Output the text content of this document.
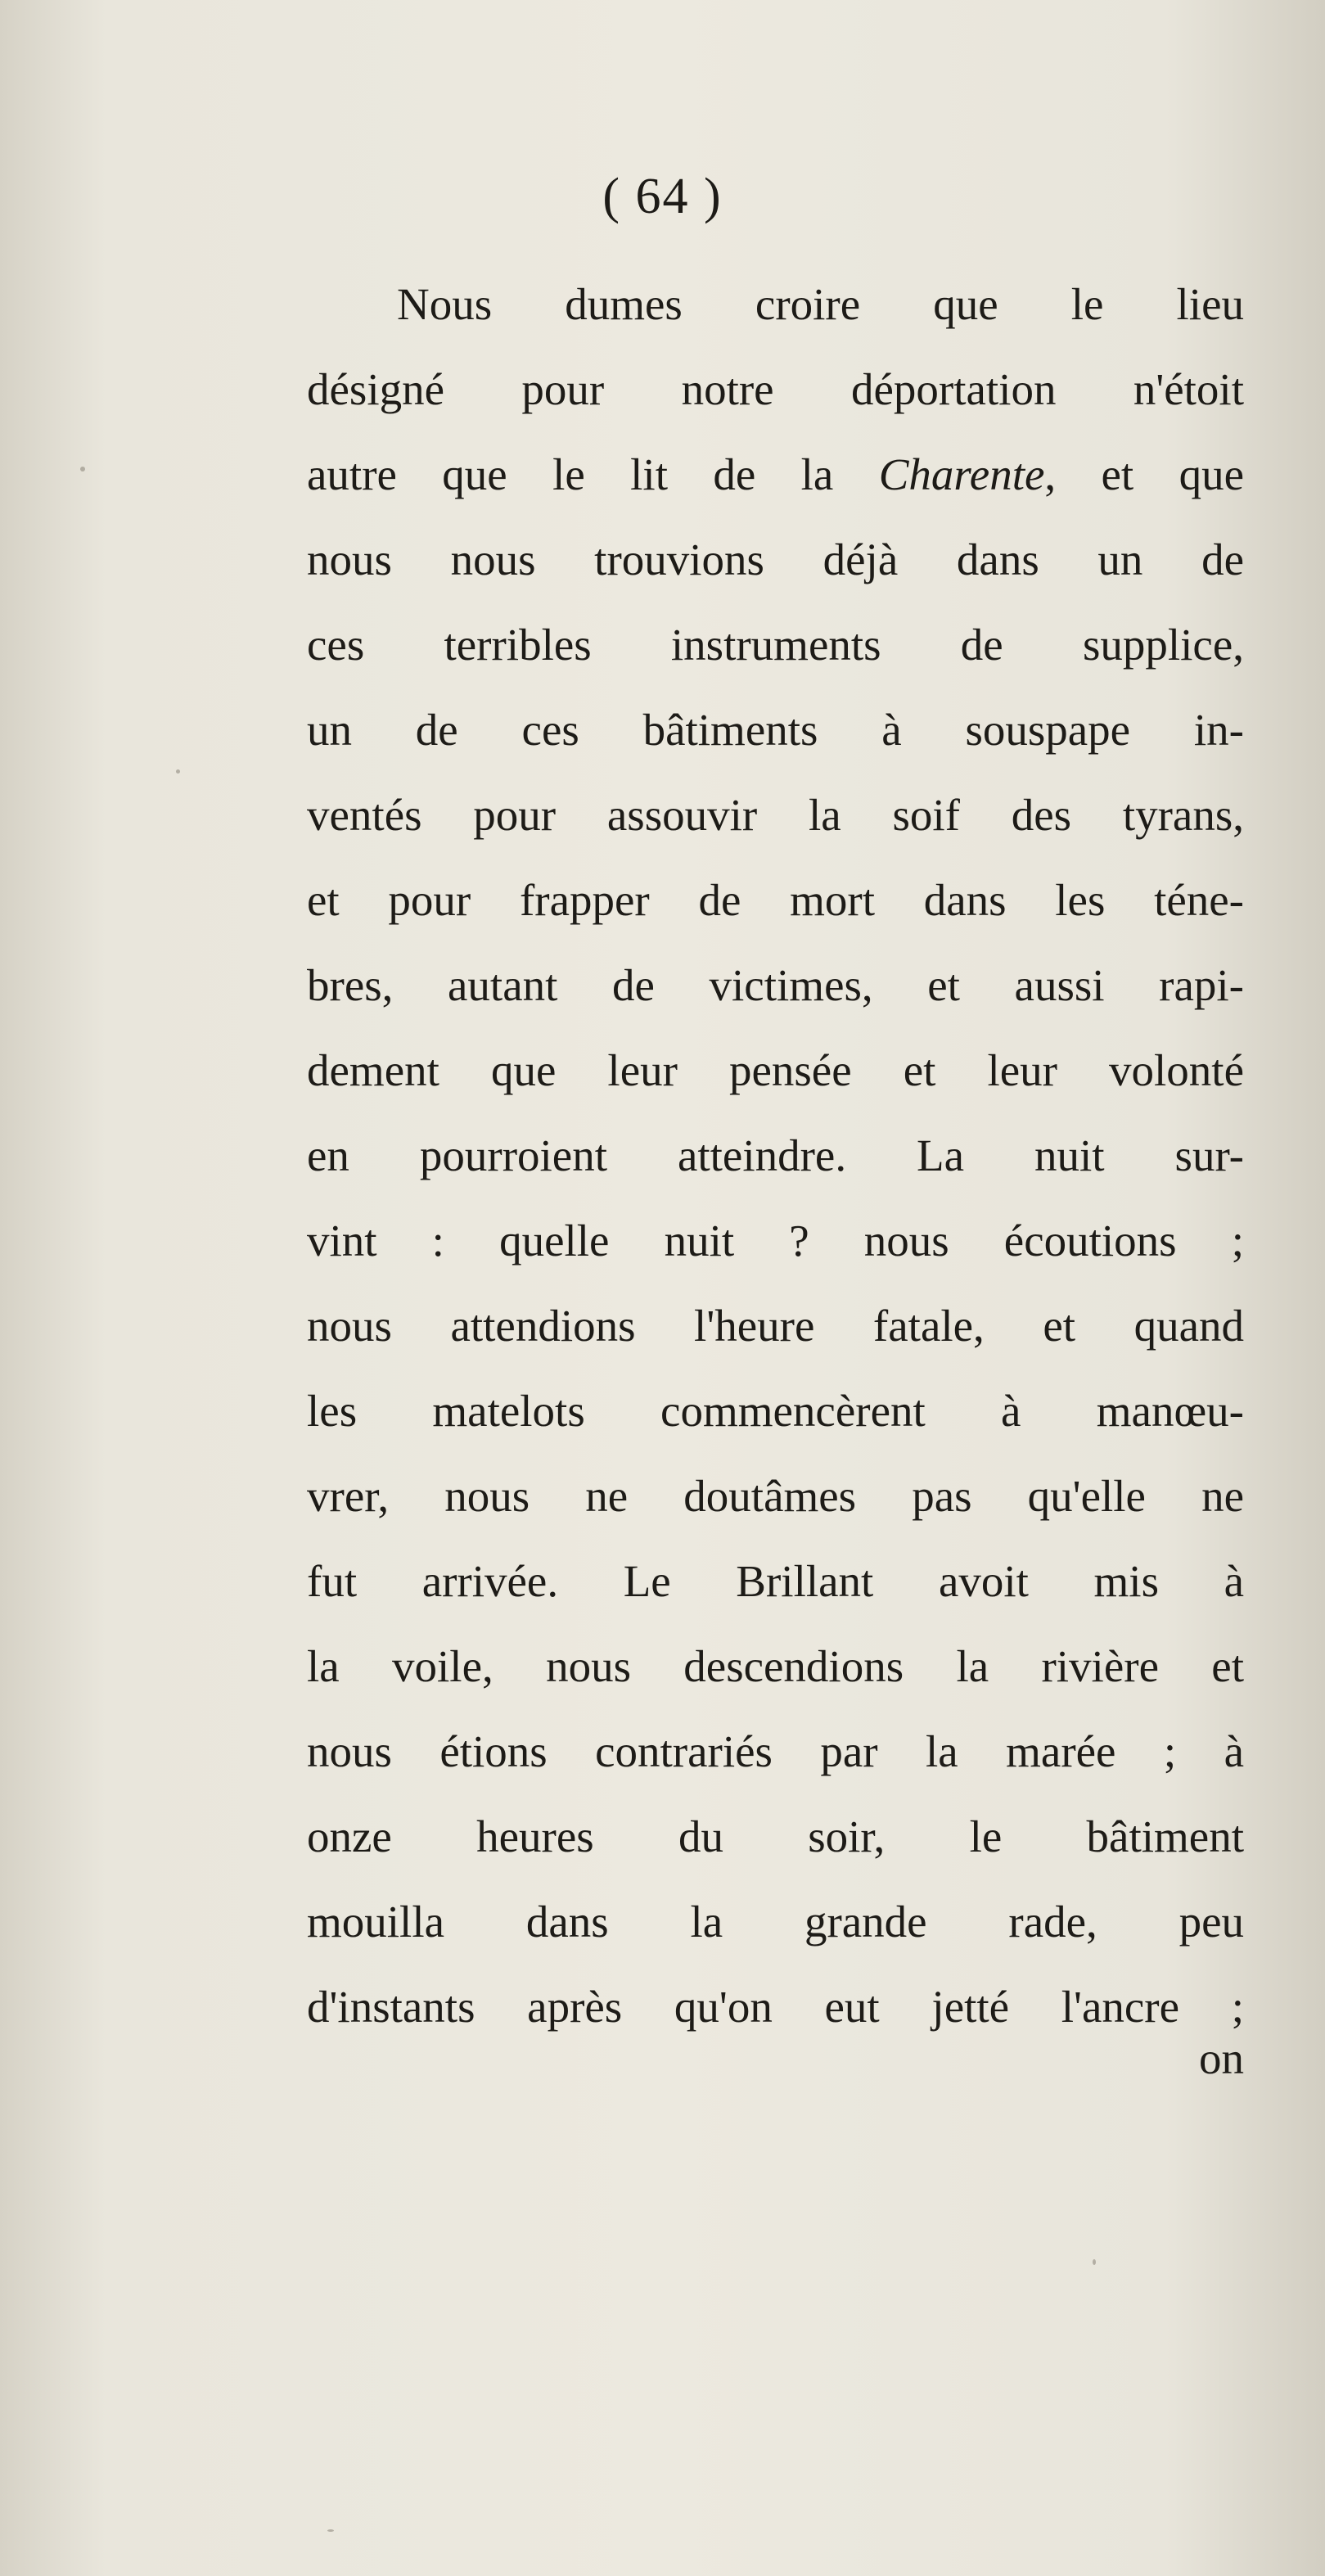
( 64 )
Nous dumes croire que le lieu
désigné pour notre déportation n'étoit
autre que le lit de la Charente, et que
nous nous trouvions déjà dans un de
ces terribles instruments de supplice,
un de ces bâtiments à souspape in-
ventés pour assouvir la soif des tyrans,
et pour frapper de mort dans les téne-
bres, autant de victimes, et aussi rapi-
dement que leur pensée et leur volonté
en pourroient atteindre. La nuit sur-
vint : quelle nuit ? nous écoutions ;
nous attendions l'heure fatale, et quand
les matelots commencèrent à manœu-
vrer, nous ne doutâmes pas qu'elle ne
fut arrivée. Le Brillant avoit mis à
la voile, nous descendions la rivière et
nous étions contrariés par la marée ; à
onze heures du soir, le bâtiment
mouilla dans la grande rade, peu
d'instants après qu'on eut jetté l'ancre ;
on
